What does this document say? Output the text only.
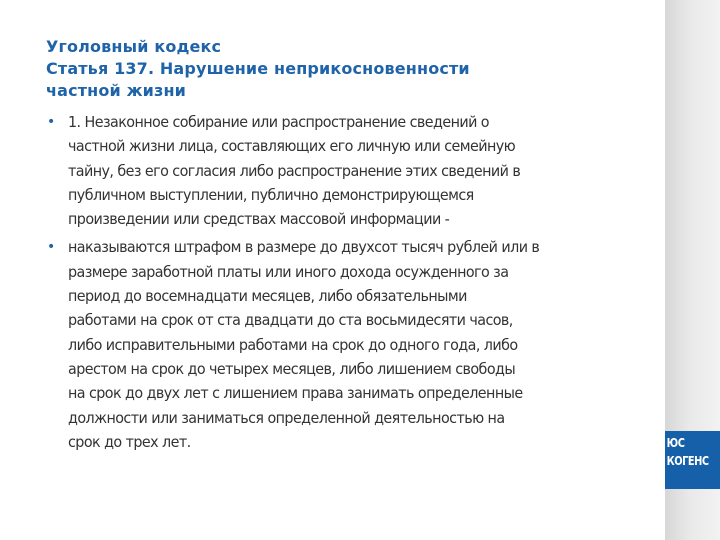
Уголовный кодекс
Статья 137. Нарушение неприкосновенности
частной жизни
• 1. Незаконное собирание или распространение сведений о
частной жизни лица, составляющих его личную или семейную
тайну, без его согласия либо распространение этих сведений в
публичном выступлении, публично демонстрирующемся
произведении или средствах массовой информации -
• наказываются штрафом в размере до двухсот тысяч рублей или в
размере заработной платы или иного дохода осужденного за
период до восемнадцати месяцев, либо обязательными
работами на срок от ста двадцати до ста восьмидесяти часов,
либо исправительными работами на срок до одного года, либо
арестом на срок до четырех месяцев, либо лишением свободы
на срок до двух лет с лишением права занимать определенные
должности или заниматься определенной деятельностью на
срок до трех лет.	ЮС
КОГЕНС
